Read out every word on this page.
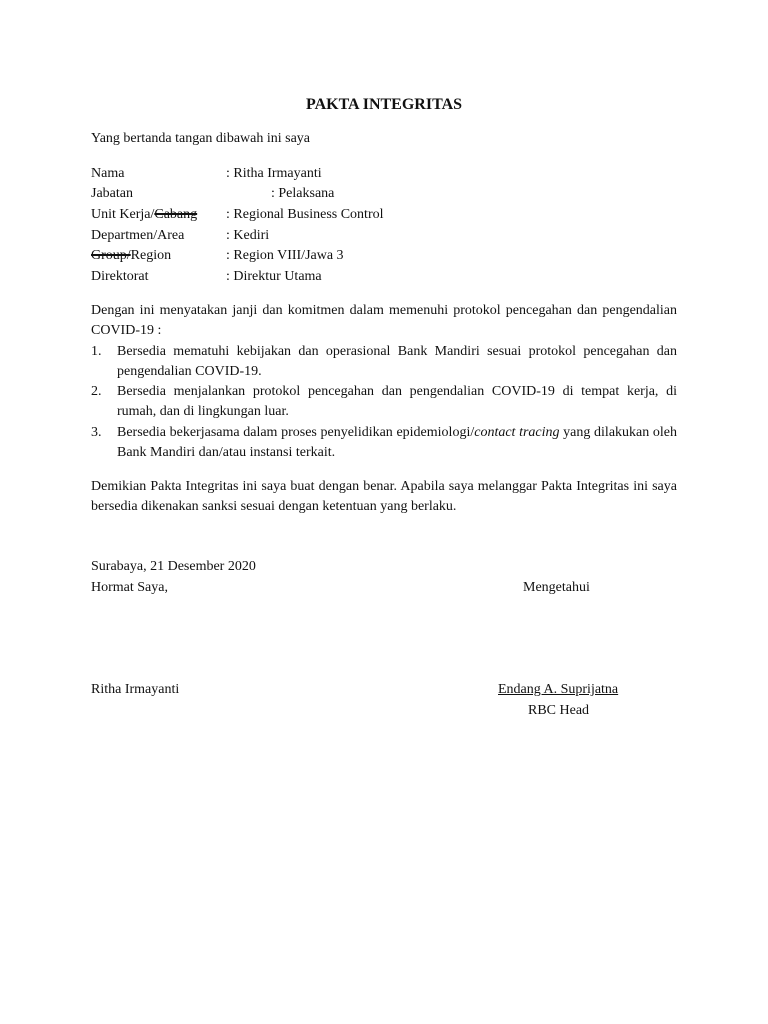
PAKTA INTEGRITAS
Yang bertanda tangan dibawah ini saya
Nama	: Ritha Irmayanti
Jabatan	: Pelaksana
Unit Kerja/Cabang : Regional Business Control
Departmen/Area	: Kediri
Group/Region	: Region VIII/Jawa 3
Direktorat	: Direktur Utama
Dengan ini menyatakan janji dan komitmen dalam memenuhi protokol pencegahan dan pengendalian COVID-19 :
1. Bersedia mematuhi kebijakan dan operasional Bank Mandiri sesuai protokol pencegahan dan pengendalian COVID-19.
2. Bersedia menjalankan protokol pencegahan dan pengendalian COVID-19 di tempat kerja, di rumah, dan di lingkungan luar.
3. Bersedia bekerjasama dalam proses penyelidikan epidemiologi/contact tracing yang dilakukan oleh Bank Mandiri dan/atau instansi terkait.
Demikian Pakta Integritas ini saya buat dengan benar. Apabila saya melanggar Pakta Integritas ini saya bersedia dikenakan sanksi sesuai dengan ketentuan yang berlaku.
Surabaya, 21 Desember 2020
Hormat Saya,	Mengetahui
Ritha Irmayanti	Endang A. Suprijatna
RBC Head
